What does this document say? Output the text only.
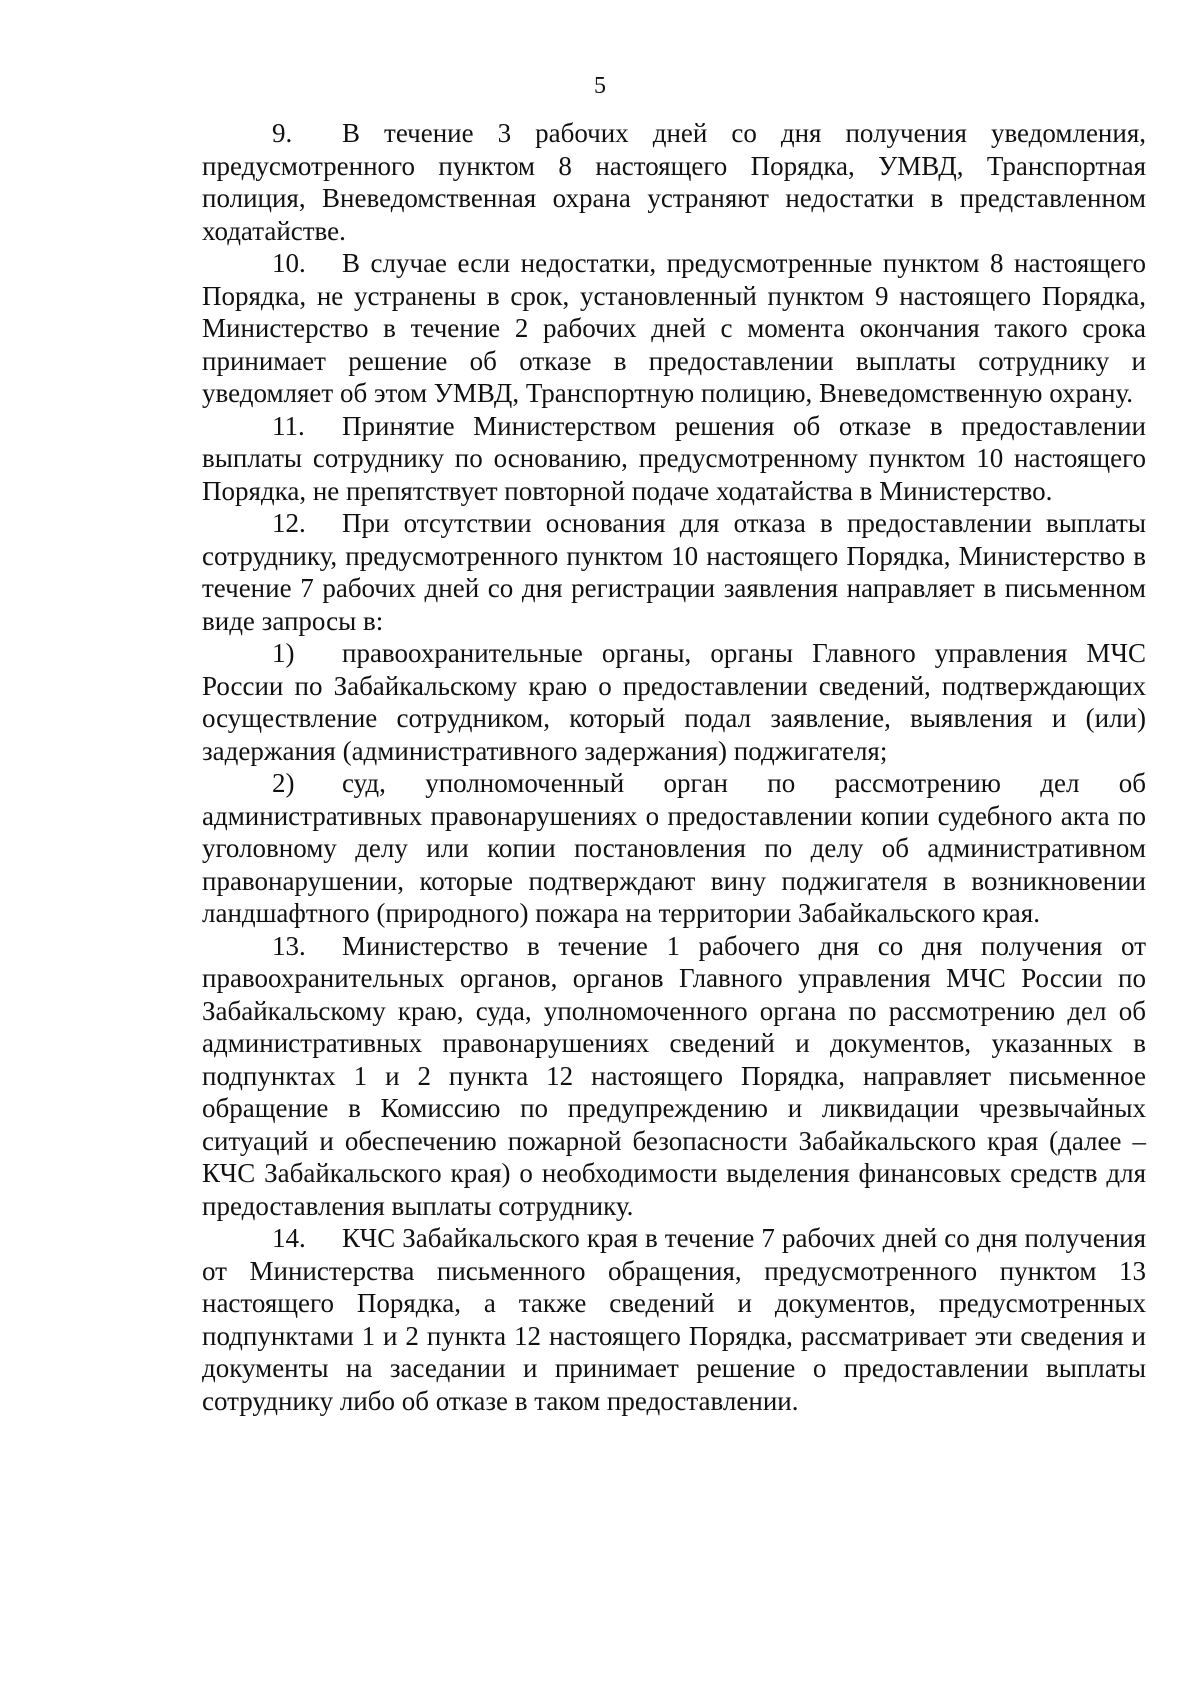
5

9. В течение 3 рабочих дней со дня получения уведомления, предусмотренного пунктом 8 настоящего Порядка, УМВД, Транспортная полиция, Вневедомственная охрана устраняют недостатки в представленном ходатайстве.

10. В случае если недостатки, предусмотренные пунктом 8 настоящего Порядка, не устранены в срок, установленный пунктом 9 настоящего Порядка, Министерство в течение 2 рабочих дней с момента окончания такого срока принимает решение об отказе в предоставлении выплаты сотруднику и уведомляет об этом УМВД, Транспортную полицию, Вневедомственную охрану.

11. Принятие Министерством решения об отказе в предоставлении выплаты сотруднику по основанию, предусмотренному пунктом 10 настоящего Порядка, не препятствует повторной подаче ходатайства в Министерство.

12. При отсутствии основания для отказа в предоставлении выплаты сотруднику, предусмотренного пунктом 10 настоящего Порядка, Министерство в течение 7 рабочих дней со дня регистрации заявления направляет в письменном виде запросы в:

1) правоохранительные органы, органы Главного управления МЧС России по Забайкальскому краю о предоставлении сведений, подтверждающих осуществление сотрудником, который подал заявление, выявления и (или) задержания (административного задержания) поджигателя;

2) суд, уполномоченный орган по рассмотрению дел об административных правонарушениях о предоставлении копии судебного акта по уголовному делу или копии постановления по делу об административном правонарушении, которые подтверждают вину поджигателя в возникновении ландшафтного (природного) пожара на территории Забайкальского края.

13. Министерство в течение 1 рабочего дня со дня получения от правоохранительных органов, органов Главного управления МЧС России по Забайкальскому краю, суда, уполномоченного органа по рассмотрению дел об административных правонарушениях сведений и документов, указанных в подпунктах 1 и 2 пункта 12 настоящего Порядка, направляет письменное обращение в Комиссию по предупреждению и ликвидации чрезвычайных ситуаций и обеспечению пожарной безопасности Забайкальского края (далее – КЧС Забайкальского края) о необходимости выделения финансовых средств для предоставления выплаты сотруднику.

14. КЧС Забайкальского края в течение 7 рабочих дней со дня получения от Министерства письменного обращения, предусмотренного пунктом 13 настоящего Порядка, а также сведений и документов, предусмотренных подпунктами 1 и 2 пункта 12 настоящего Порядка, рассматривает эти сведения и документы на заседании и принимает решение о предоставлении выплаты сотруднику либо об отказе в таком предоставлении.
